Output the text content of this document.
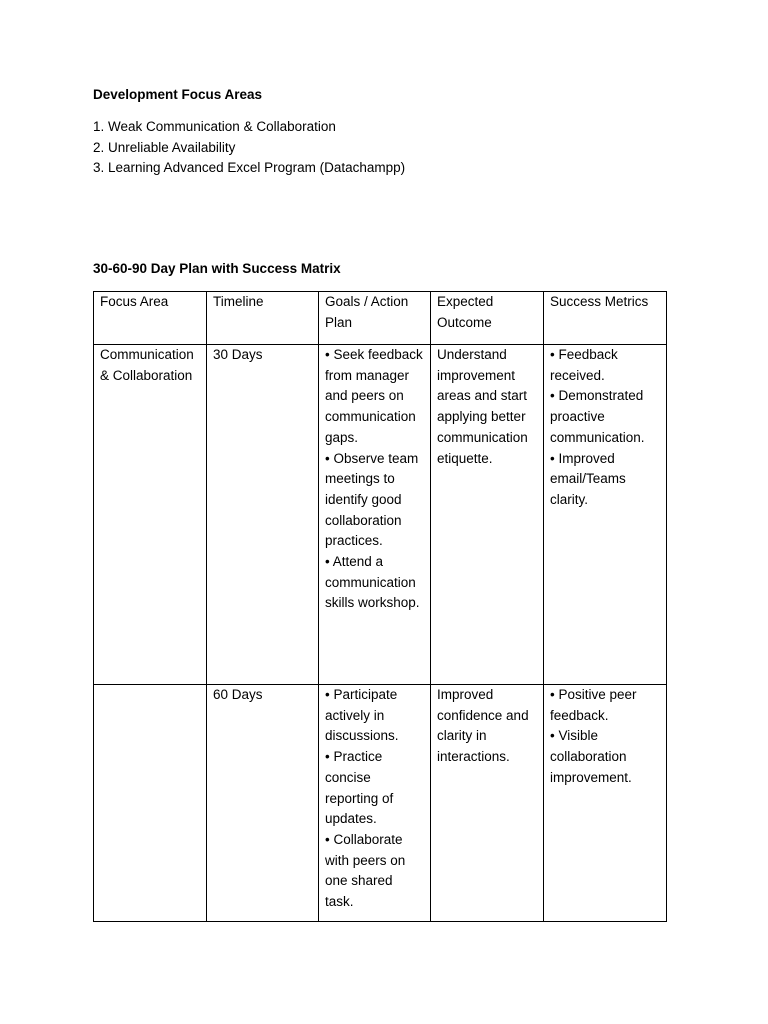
Development Focus Areas
1. Weak Communication & Collaboration
2. Unreliable Availability
3. Learning Advanced Excel Program (Datachampp)
30-60-90 Day Plan with Success Matrix
Focus Area	Timeline	Goals / Action Plan	Expected Outcome	Success Metrics
Communication & Collaboration	30 Days	• Seek feedback from manager and peers on communication gaps.
• Observe team meetings to identify good collaboration practices.
• Attend a communication skills workshop.	Understand improvement areas and start applying better communication etiquette.	• Feedback received.
• Demonstrated proactive communication.
• Improved email/Teams clarity.

	60 Days	• Participate actively in discussions.
• Practice concise reporting of updates.
• Collaborate with peers on one shared task.	Improved confidence and clarity in interactions.	• Positive peer feedback.
• Visible collaboration improvement.
